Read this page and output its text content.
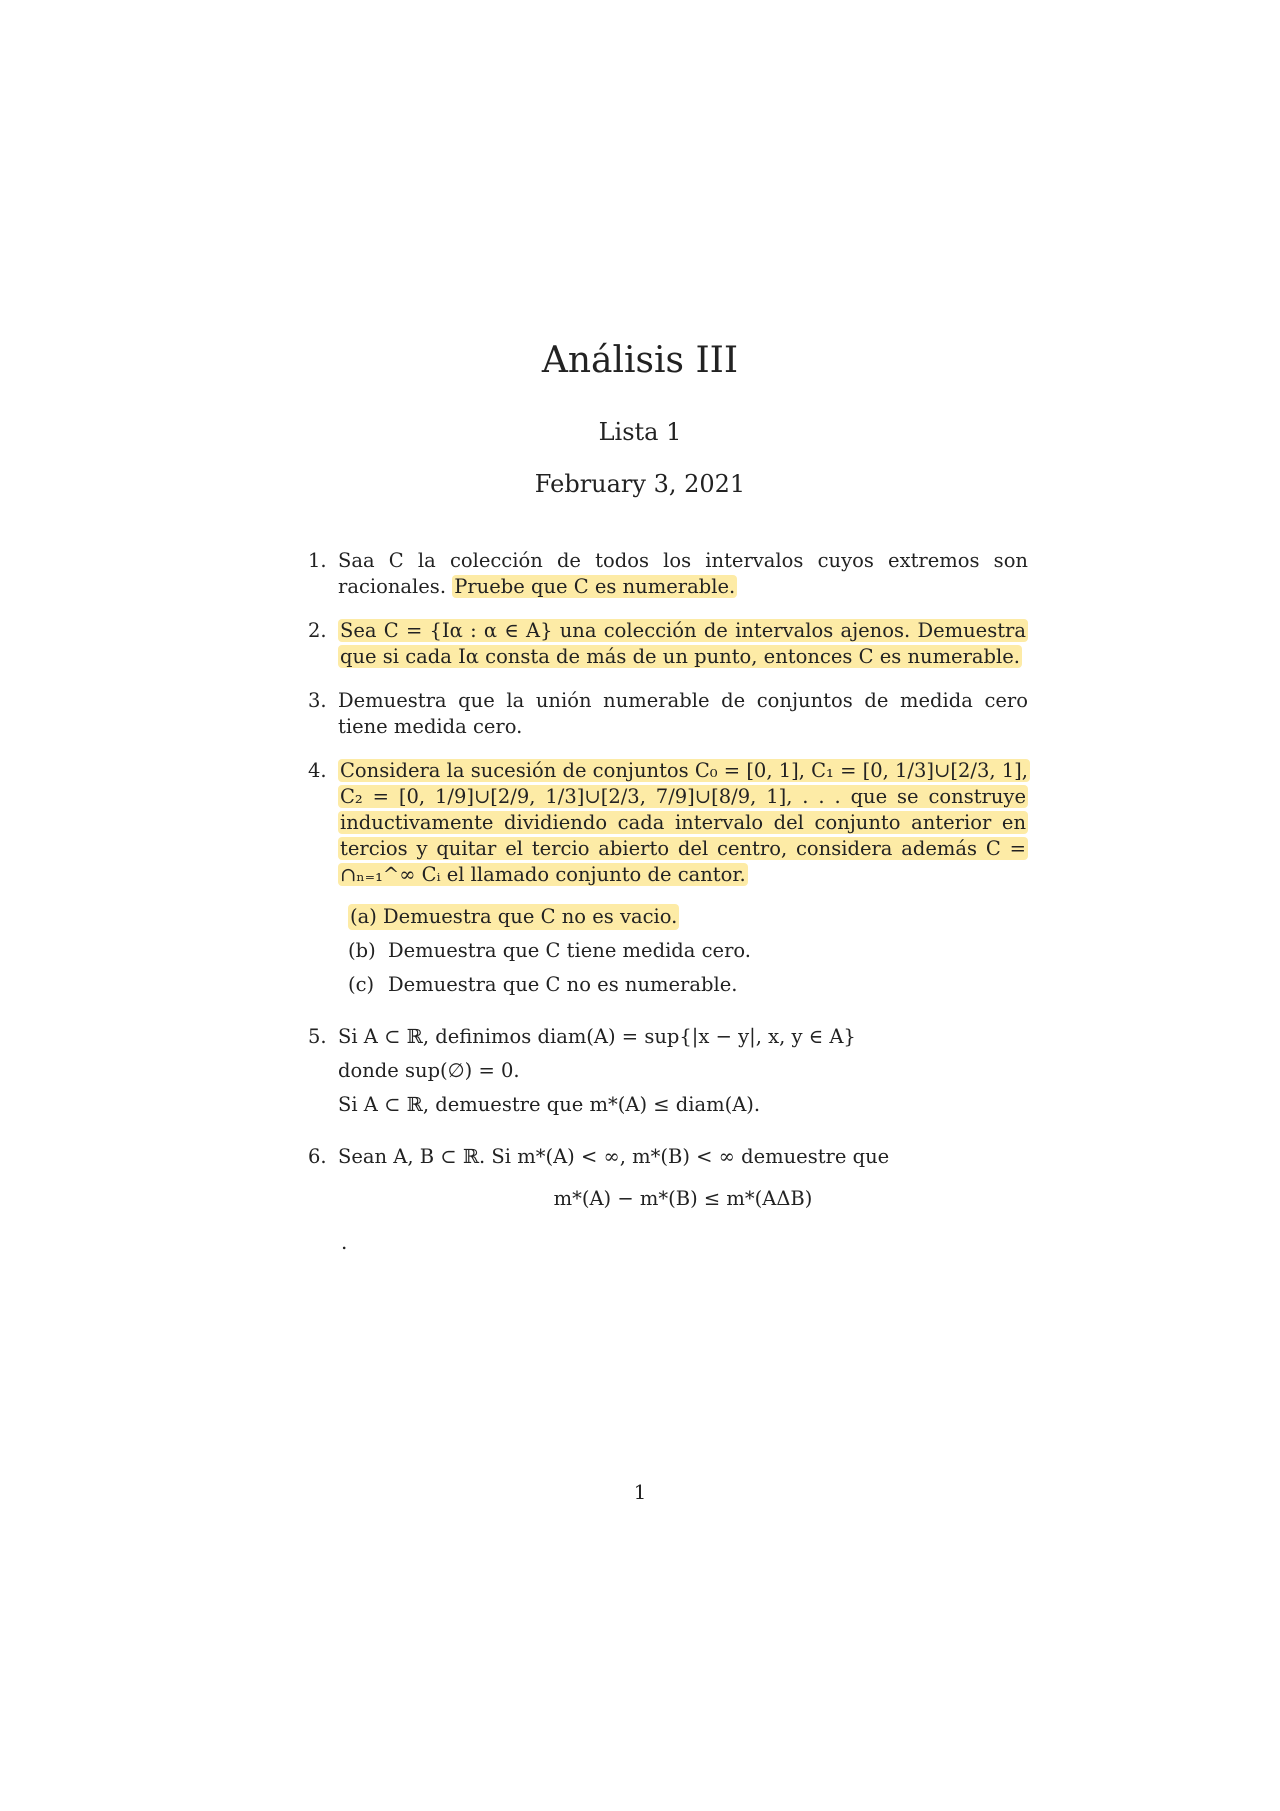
Análisis III
Lista 1
February 3, 2021
1. Saa C la colección de todos los intervalos cuyos extremos son racionales. Pruebe que C es numerable.
2. Sea C = {Iα : α ∈ A} una colección de intervalos ajenos. Demuestra que si cada Iα consta de más de un punto, entonces C es numerable.
3. Demuestra que la unión numerable de conjuntos de medida cero tiene medida cero.
4. Considera la sucesión de conjuntos C₀ = [0, 1], C₁ = [0, 1/3]∪[2/3, 1], C₂ = [0, 1/9]∪[2/9, 1/3]∪[2/3, 7/9]∪[8/9, 1], . . . que se construye inductivamente dividiendo cada intervalo del conjunto anterior en tercios y quitar el tercio abierto del centro, considera además C = ∩ₙ₌₁^∞ Cᵢ el llamado conjunto de cantor.
(a) Demuestra que C no es vacio.
(b) Demuestra que C tiene medida cero.
(c) Demuestra que C no es numerable.
5. Si A ⊂ ℝ, definimos diam(A) = sup{|x − y|, x, y ∈ A}
donde sup(∅) = 0.
Si A ⊂ ℝ, demuestre que m*(A) ≤ diam(A).
6. Sean A, B ⊂ ℝ. Si m*(A) < ∞, m*(B) < ∞ demuestre que
m*(A) − m*(B) ≤ m*(AΔB)
.
1
